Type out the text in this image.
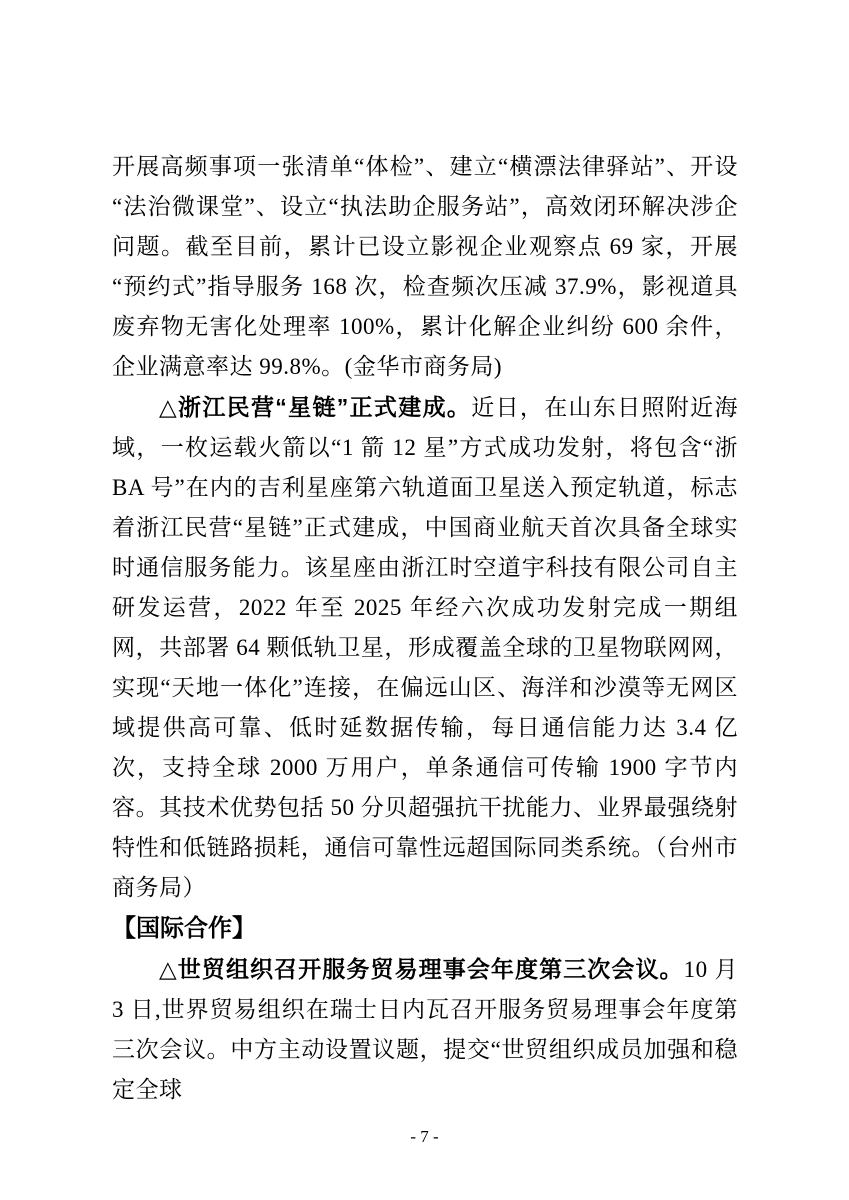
开展高频事项一张清单“体检”、建立“横漂法律驿站”、开设“法治微课堂”、设立“执法助企服务站”，高效闭环解决涉企问题。截至目前，累计已设立影视企业观察点 69 家，开展“预约式”指导服务 168 次，检查频次压减 37.9%，影视道具废弃物无害化处理率 100%，累计化解企业纠纷 600 余件，企业满意率达 99.8%。(金华市商务局)

△浙江民营“星链”正式建成。近日，在山东日照附近海域，一枚运载火箭以“1 箭 12 星”方式成功发射，将包含“浙 BA 号”在内的吉利星座第六轨道面卫星送入预定轨道，标志着浙江民营“星链”正式建成，中国商业航天首次具备全球实时通信服务能力。该星座由浙江时空道宇科技有限公司自主研发运营，2022 年至 2025 年经六次成功发射完成一期组网，共部署 64 颗低轨卫星，形成覆盖全球的卫星物联网网，实现“天地一体化”连接，在偏远山区、海洋和沙漠等无网区域提供高可靠、低时延数据传输，每日通信能力达 3.4 亿次，支持全球 2000 万用户，单条通信可传输 1900 字节内容。其技术优势包括 50 分贝超强抗干扰能力、业界最强绕射特性和低链路损耗，通信可靠性远超国际同类系统。（台州市商务局）

【国际合作】

△世贸组织召开服务贸易理事会年度第三次会议。10 月 3 日,世界贸易组织在瑞士日内瓦召开服务贸易理事会年度第三次会议。中方主动设置议题，提交“世贸组织成员加强和稳定全球

- 7 -
